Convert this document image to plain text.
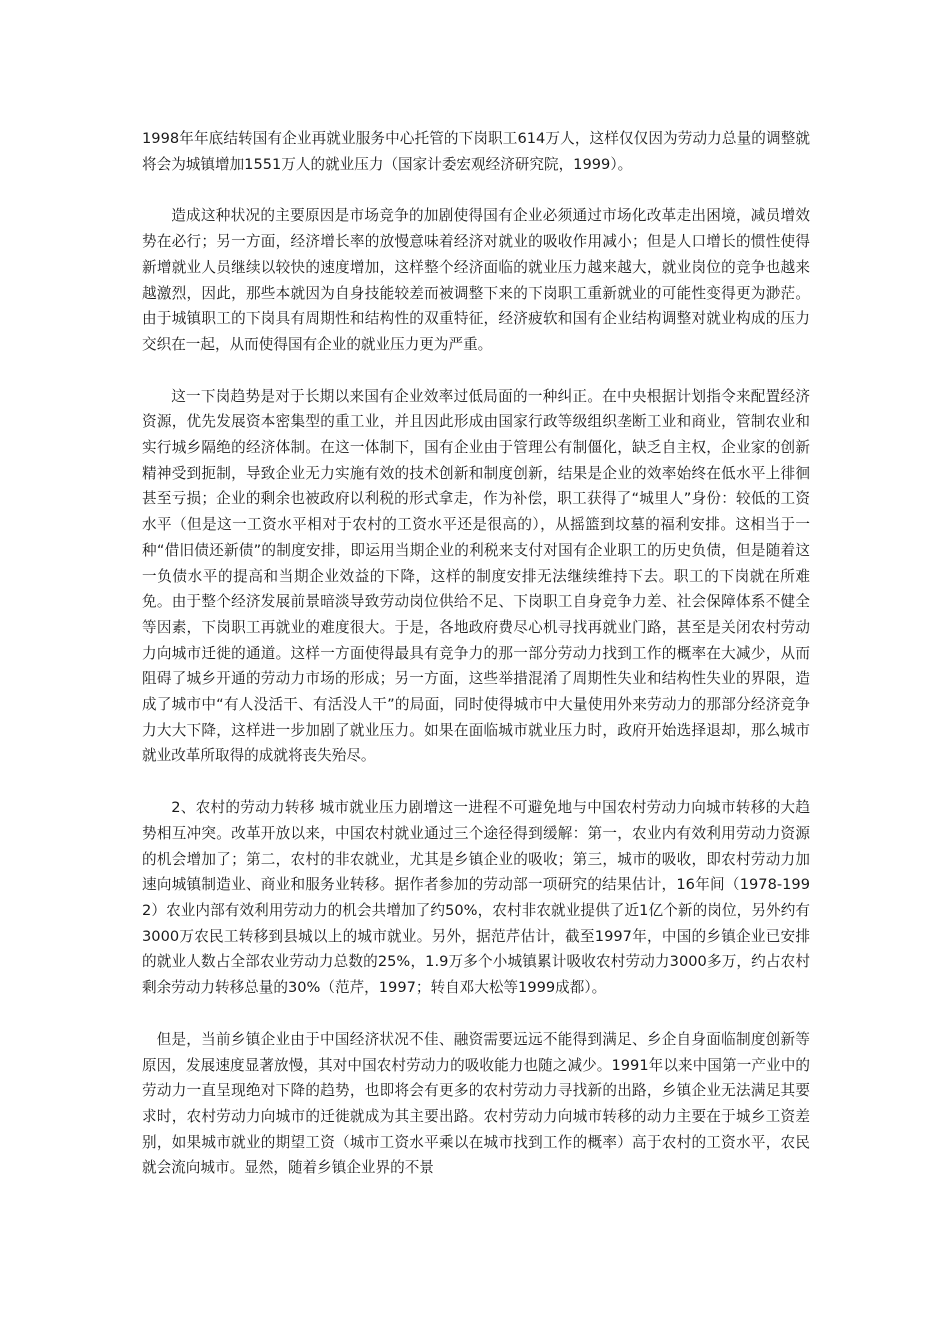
1998年年底结转国有企业再就业服务中心托管的下岗职工614万人，这样仅仅因为劳动力总量的调整就将会为城镇增加1551万人的就业压力（国家计委宏观经济研究院，1999）。

造成这种状况的主要原因是市场竞争的加剧使得国有企业必须通过市场化改革走出困境，减员增效势在必行；另一方面，经济增长率的放慢意味着经济对就业的吸收作用减小；但是人口增长的惯性使得新增就业人员继续以较快的速度增加，这样整个经济面临的就业压力越来越大，就业岗位的竞争也越来越激烈，因此，那些本就因为自身技能较差而被调整下来的下岗职工重新就业的可能性变得更为渺茫。由于城镇职工的下岗具有周期性和结构性的双重特征，经济疲软和国有企业结构调整对就业构成的压力交织在一起，从而使得国有企业的就业压力更为严重。

这一下岗趋势是对于长期以来国有企业效率过低局面的一种纠正。在中央根据计划指令来配置经济资源，优先发展资本密集型的重工业，并且因此形成由国家行政等级组织垄断工业和商业，管制农业和实行城乡隔绝的经济体制。在这一体制下，国有企业由于管理公有制僵化，缺乏自主权，企业家的创新精神受到扼制，导致企业无力实施有效的技术创新和制度创新，结果是企业的效率始终在低水平上徘徊甚至亏损；企业的剩余也被政府以利税的形式拿走，作为补偿，职工获得了“城里人”身份：较低的工资水平（但是这一工资水平相对于农村的工资水平还是很高的），从摇篮到坟墓的福利安排。这相当于一种“借旧债还新债”的制度安排，即运用当期企业的利税来支付对国有企业职工的历史负债，但是随着这一负债水平的提高和当期企业效益的下降，这样的制度安排无法继续维持下去。职工的下岗就在所难免。由于整个经济发展前景暗淡导致劳动岗位供给不足、下岗职工自身竞争力差、社会保障体系不健全等因素，下岗职工再就业的难度很大。于是，各地政府费尽心机寻找再就业门路，甚至是关闭农村劳动力向城市迁徙的通道。这样一方面使得最具有竞争力的那一部分劳动力找到工作的概率在大减少，从而阻碍了城乡开通的劳动力市场的形成；另一方面，这些举措混淆了周期性失业和结构性失业的界限，造成了城市中“有人没活干、有活没人干”的局面，同时使得城市中大量使用外来劳动力的那部分经济竞争力大大下降，这样进一步加剧了就业压力。如果在面临城市就业压力时，政府开始选择退却，那么城市就业改革所取得的成就将丧失殆尽。

2、农村的劳动力转移 城市就业压力剧增这一进程不可避免地与中国农村劳动力向城市转移的大趋势相互冲突。改革开放以来，中国农村就业通过三个途径得到缓解：第一，农业内有效利用劳动力资源的机会增加了；第二，农村的非农就业，尤其是乡镇企业的吸收；第三，城市的吸收，即农村劳动力加速向城镇制造业、商业和服务业转移。据作者参加的劳动部一项研究的结果估计，16年间（1978-1992）农业内部有效利用劳动力的机会共增加了约50%，农村非农就业提供了近1亿个新的岗位，另外约有3000万农民工转移到县城以上的城市就业。另外，据范芹估计，截至1997年，中国的乡镇企业已安排的就业人数占全部农业劳动力总数的25%，1.9万多个小城镇累计吸收农村劳动力3000多万，约占农村剩余劳动力转移总量的30%（范芹，1997；转自邓大松等1999成都）。

但是，当前乡镇企业由于中国经济状况不佳、融资需要远远不能得到满足、乡企自身面临制度创新等原因，发展速度显著放慢，其对中国农村劳动力的吸收能力也随之减少。1991年以来中国第一产业中的劳动力一直呈现绝对下降的趋势，也即将会有更多的农村劳动力寻找新的出路，乡镇企业无法满足其要求时，农村劳动力向城市的迁徙就成为其主要出路。农村劳动力向城市转移的动力主要在于城乡工资差别，如果城市就业的期望工资（城市工资水平乘以在城市找到工作的概率）高于农村的工资水平，农民就会流向城市。显然，随着乡镇企业界的不景
